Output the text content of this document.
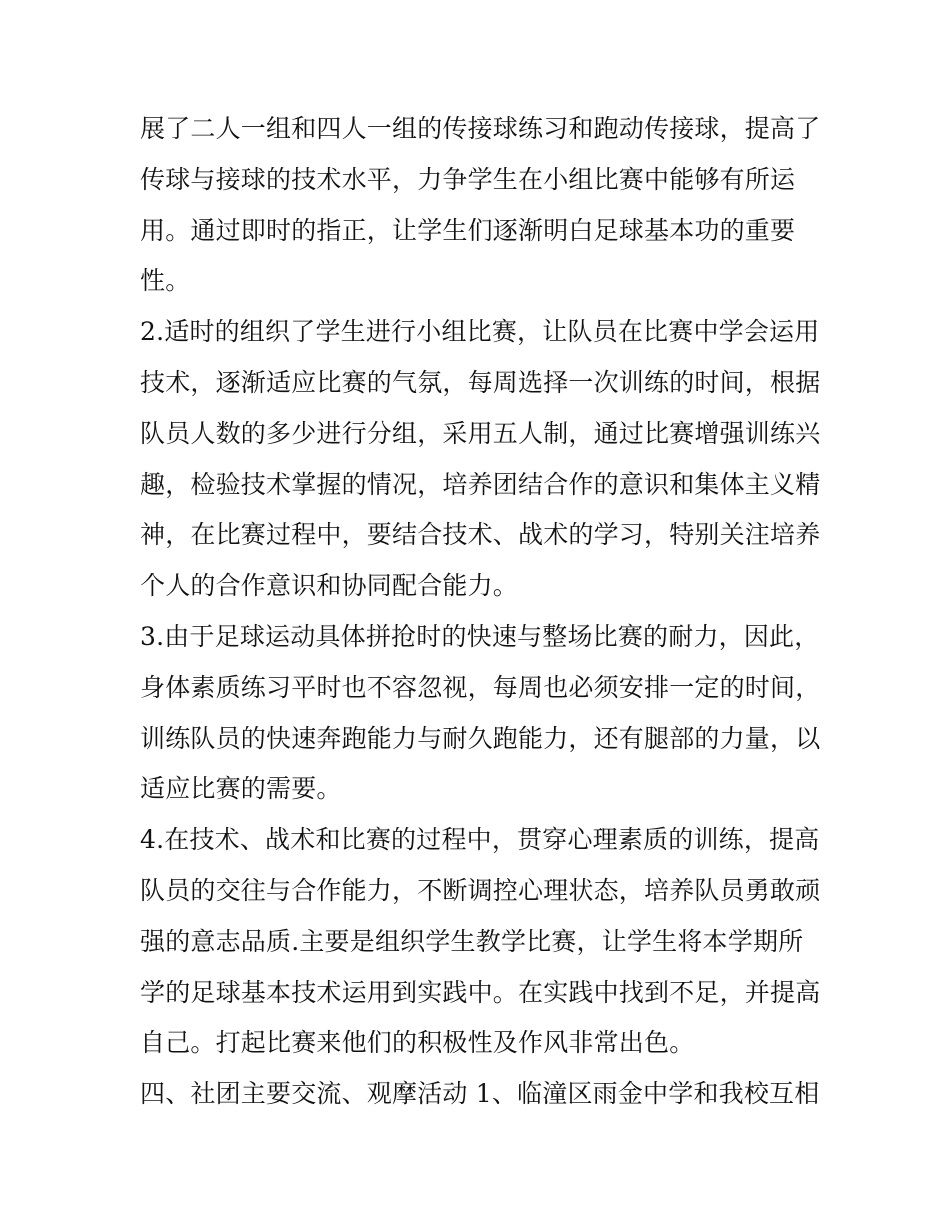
展了二人一组和四人一组的传接球练习和跑动传接球，提高了
传球与接球的技术水平，力争学生在小组比赛中能够有所运
用。通过即时的指正，让学生们逐渐明白足球基本功的重要
性。
2.适时的组织了学生进行小组比赛，让队员在比赛中学会运用
技术，逐渐适应比赛的气氛，每周选择一次训练的时间，根据
队员人数的多少进行分组，采用五人制，通过比赛增强训练兴
趣，检验技术掌握的情况，培养团结合作的意识和集体主义精
神，在比赛过程中，要结合技术、战术的学习，特别关注培养
个人的合作意识和协同配合能力。
3.由于足球运动具体拼抢时的快速与整场比赛的耐力，因此，
身体素质练习平时也不容忽视，每周也必须安排一定的时间，
训练队员的快速奔跑能力与耐久跑能力，还有腿部的力量，以
适应比赛的需要。
4.在技术、战术和比赛的过程中，贯穿心理素质的训练，提高
队员的交往与合作能力，不断调控心理状态，培养队员勇敢顽
强的意志品质.主要是组织学生教学比赛，让学生将本学期所
学的足球基本技术运用到实践中。在实践中找到不足，并提高
自己。打起比赛来他们的积极性及作风非常出色。
四、社团主要交流、观摩活动 1、临潼区雨金中学和我校互相
